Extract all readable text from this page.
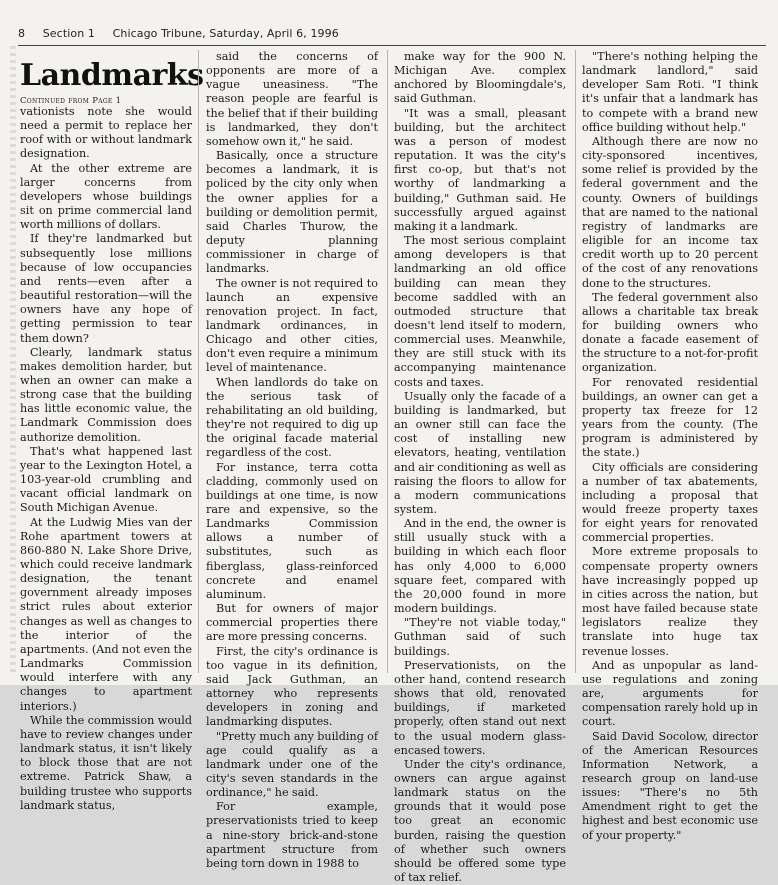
8 Section 1 Chicago Tribune, Saturday, April 6, 1996
Landmarks
Continued from Page 1

vationists note she would need a permit to replace her roof with or without landmark designation.

At the other extreme are larger concerns from developers whose buildings sit on prime commercial land worth millions of dollars.

If they're landmarked but subsequently lose millions because of low occupancies and rents—even after a beautiful restoration—will the owners have any hope of getting permission to tear them down?

Clearly, landmark status makes demolition harder, but when an owner can make a strong case that the building has little economic value, the Landmark Commission does authorize demolition.

That's what happened last year to the Lexington Hotel, a 103-year-old crumbling and vacant official landmark on South Michigan Avenue.

At the Ludwig Mies van der Rohe apartment towers at 860-880 N. Lake Shore Drive, which could receive landmark designation, the tenant government already imposes strict rules about exterior changes as well as changes to the interior of the apartments. (And not even the Landmarks Commission would interfere with any changes to apartment interiors.)

While the commission would have to review changes under landmark status, it isn't likely to block those that are not extreme. Patrick Shaw, a building trustee who supports landmark status,

said the concerns of opponents are more of a vague uneasiness. "The reason people are fearful is the belief that if their building is landmarked, they don't somehow own it," he said.

Basically, once a structure becomes a landmark, it is policed by the city only when the owner applies for a building or demolition permit, said Charles Thurow, the deputy planning commissioner in charge of landmarks.

The owner is not required to launch an expensive renovation project. In fact, landmark ordinances, in Chicago and other cities, don't even require a minimum level of maintenance.

When landlords do take on the serious task of rehabilitating an old building, they're not required to dig up the original facade material regardless of the cost.

For instance, terra cotta cladding, commonly used on buildings at one time, is now rare and expensive, so the Landmarks Commission allows a number of substitutes, such as fiberglass, glass-reinforced concrete and enamel aluminum.

But for owners of major commercial properties there are more pressing concerns.

First, the city's ordinance is too vague in its definition, said Jack Guthman, an attorney who represents developers in zoning and landmarking disputes.

"Pretty much any building of age could qualify as a landmark under one of the city's seven standards in the ordinance," he said.

For example, preservationists tried to keep a nine-story brick-and-stone apartment structure from being torn down in 1988 to

make way for the 900 N. Michigan Ave. complex anchored by Bloomingdale's, said Guthman.

"It was a small, pleasant building, but the architect was a person of modest reputation. It was the city's first co-op, but that's not worthy of landmarking a building," Guthman said. He successfully argued against making it a landmark.

The most serious complaint among developers is that landmarking an old office building can mean they become saddled with an outmoded structure that doesn't lend itself to modern, commercial uses. Meanwhile, they are still stuck with its accompanying maintenance costs and taxes.

Usually only the facade of a building is landmarked, but an owner still can face the cost of installing new elevators, heating, ventilation and air conditioning as well as raising the floors to allow for a modern communications system.

And in the end, the owner is still usually stuck with a building in which each floor has only 4,000 to 6,000 square feet, compared with the 20,000 found in more modern buildings.

"They're not viable today," Guthman said of such buildings.

Preservationists, on the other hand, contend research shows that old, renovated buildings, if marketed properly, often stand out next to the usual modern glass-encased towers.

Under the city's ordinance, owners can argue against landmark status on the grounds that it would pose too great an economic burden, raising the question of whether such owners should be offered some type of tax relief.

"There's nothing helping the landmark landlord," said developer Sam Roti. "I think it's unfair that a landmark has to compete with a brand new office building without help."

Although there are now no city-sponsored incentives, some relief is provided by the federal government and the county. Owners of buildings that are named to the national registry of landmarks are eligible for an income tax credit worth up to 20 percent of the cost of any renovations done to the structures.

The federal government also allows a charitable tax break for building owners who donate a facade easement of the structure to a not-for-profit organization.

For renovated residential buildings, an owner can get a property tax freeze for 12 years from the county. (The program is administered by the state.)

City officials are considering a number of tax abatements, including a proposal that would freeze property taxes for eight years for renovated commercial properties.

More extreme proposals to compensate property owners have increasingly popped up in cities across the nation, but most have failed because state legislators realize they translate into huge tax revenue losses.

And as unpopular as land-use regulations and zoning are, arguments for compensation rarely hold up in court.

Said David Socolow, director of the American Resources Information Network, a research group on land-use issues: "There's no 5th Amendment right to get the highest and best economic use of your property."
